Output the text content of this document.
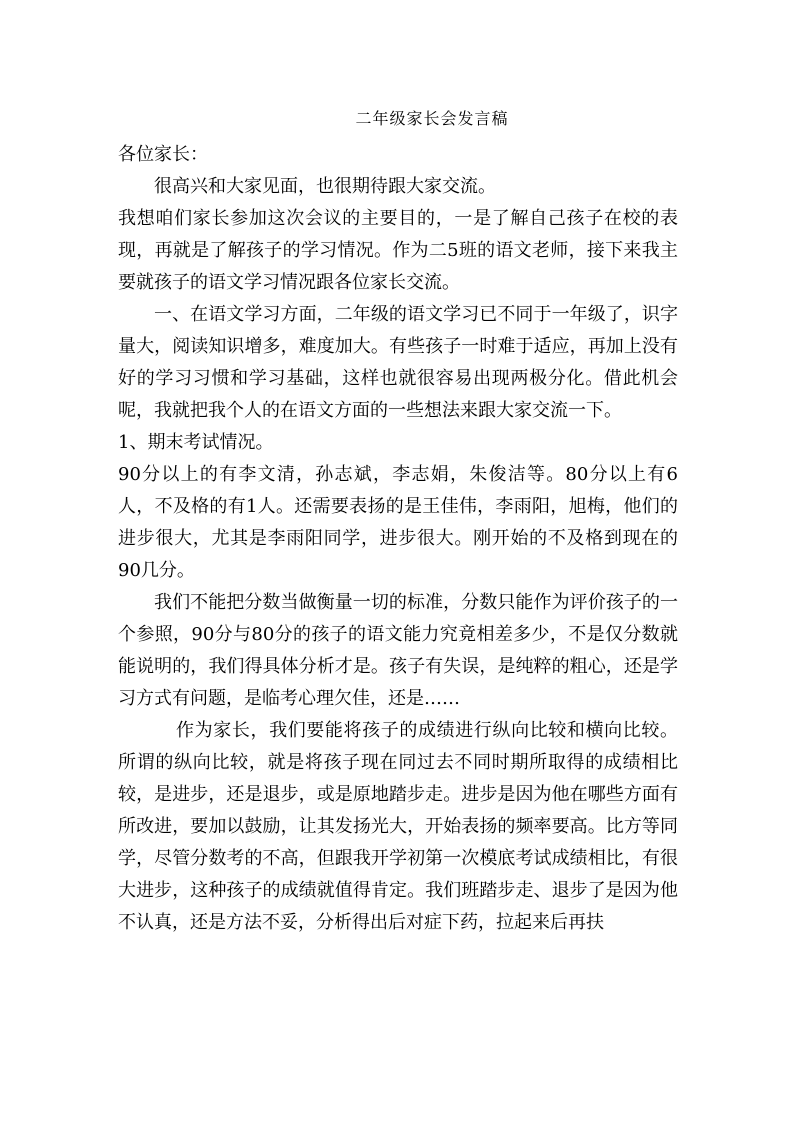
二年级家长会发言稿

各位家长：

很高兴和大家见面，也很期待跟大家交流。

我想咱们家长参加这次会议的主要目的，一是了解自己孩子在校的表现，再就是了解孩子的学习情况。作为二5班的语文老师，接下来我主要就孩子的语文学习情况跟各位家长交流。

一、在语文学习方面，二年级的语文学习已不同于一年级了，识字量大，阅读知识增多，难度加大。有些孩子一时难于适应，再加上没有好的学习习惯和学习基础，这样也就很容易出现两极分化。借此机会呢，我就把我个人的在语文方面的一些想法来跟大家交流一下。

1、期末考试情况。

90分以上的有李文清，孙志斌，李志娟，朱俊洁等。80分以上有6人，不及格的有1人。还需要表扬的是王佳伟，李雨阳，旭梅，他们的进步很大，尤其是李雨阳同学，进步很大。刚开始的不及格到现在的90几分。

我们不能把分数当做衡量一切的标准，分数只能作为评价孩子的一个参照，90分与80分的孩子的语文能力究竟相差多少，不是仅分数就能说明的，我们得具体分析才是。孩子有失误，是纯粹的粗心，还是学习方式有问题，是临考心理欠佳，还是……

作为家长，我们要能将孩子的成绩进行纵向比较和横向比较。所谓的纵向比较，就是将孩子现在同过去不同时期所取得的成绩相比较，是进步，还是退步，或是原地踏步走。进步是因为他在哪些方面有所改进，要加以鼓励，让其发扬光大，开始表扬的频率要高。比方等同学，尽管分数考的不高，但跟我开学初第一次模底考试成绩相比，有很大进步，这种孩子的成绩就值得肯定。我们班踏步走、退步了是因为他不认真，还是方法不妥，分析得出后对症下药，拉起来后再扶
